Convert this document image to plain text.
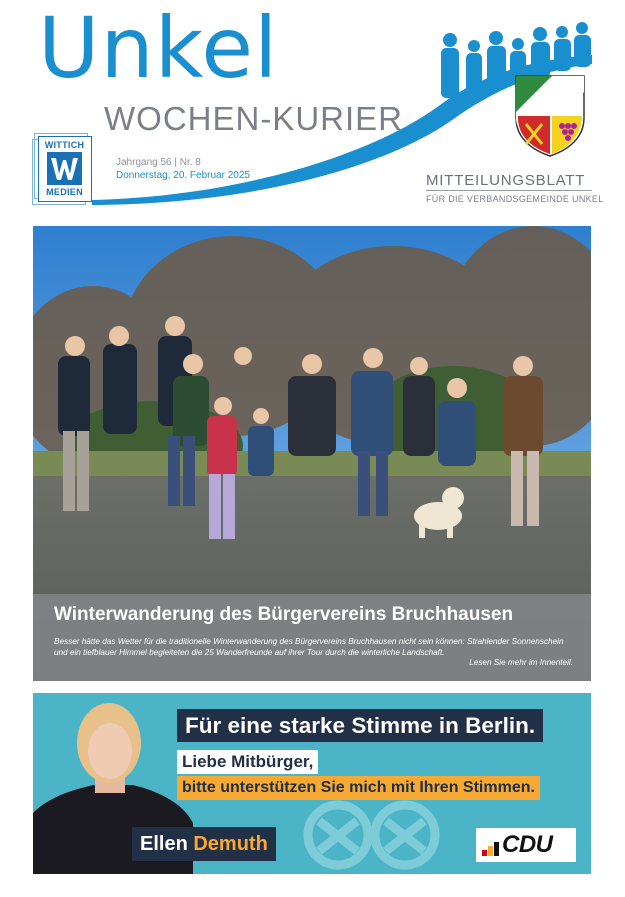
Unkel
WOCHEN-KURIER
Jahrgang 56 | Nr. 8
Donnerstag, 20. Februar 2025	MITTEILUNGSBLATT
FÜR DIE VERBANDSGEMEINDE UNKEL
WITTICH
MEDIEN
Winterwanderung des Bürgervereins Bruchhausen
Besser hätte das Wetter für die traditionelle Winterwanderung des Bürgervereins Bruchhausen nicht sein können: Strahlender Sonnenschein und ein tiefblauer Himmel begleiteten die 25 Wanderfreunde auf ihrer Tour durch die winterliche Landschaft.
Lesen Sie mehr im Innenteil.
Für eine starke Stimme in Berlin.
Liebe Mitbürger,
bitte unterstützen Sie mich mit Ihren Stimmen.
Ellen Demuth	CDU
